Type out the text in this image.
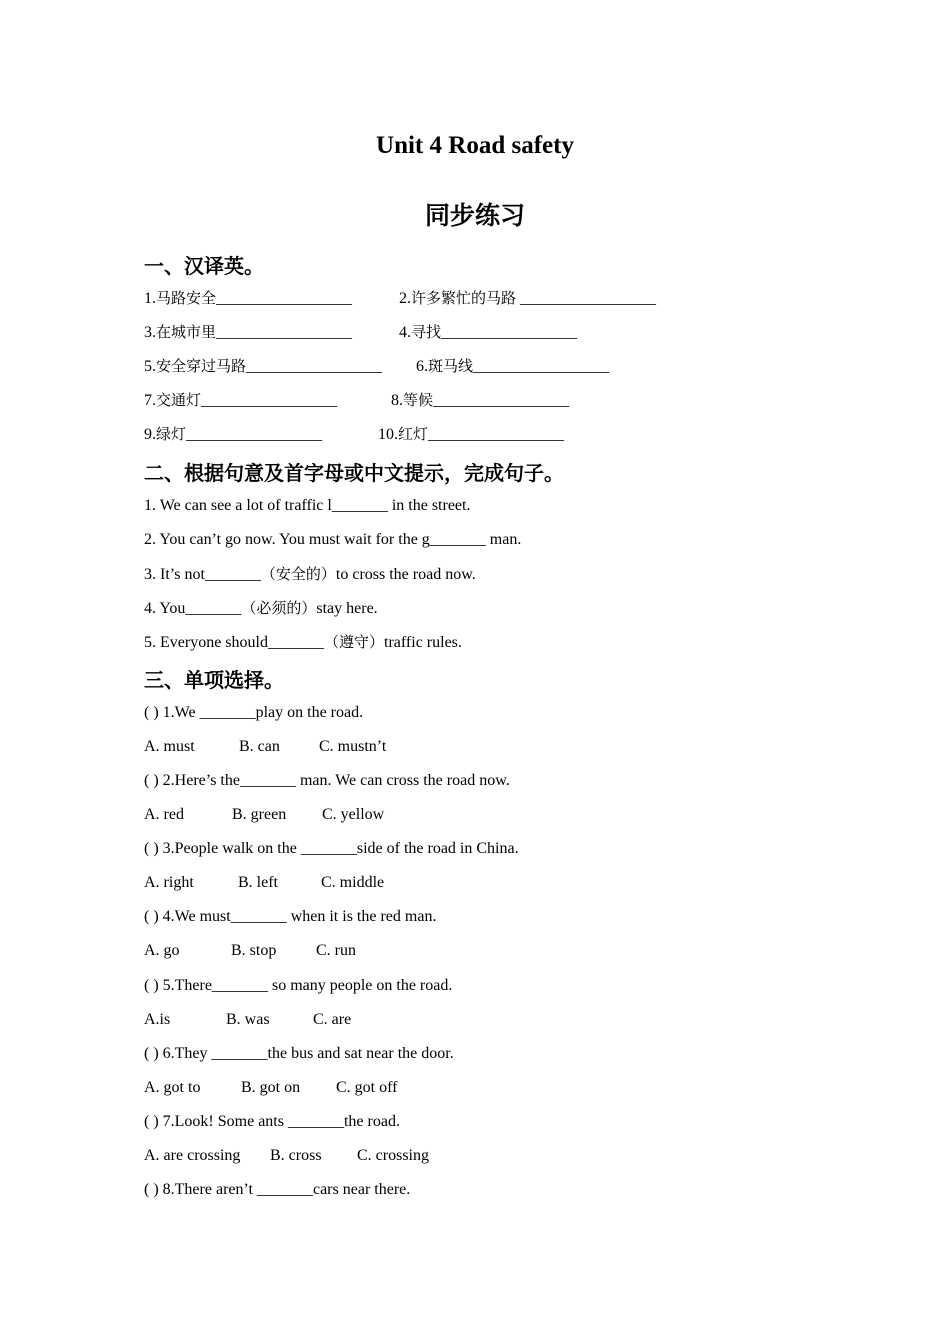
Unit 4 Road safety
同步练习
一、汉译英。
1.马路安全_________________	2.许多繁忙的马路 _________________
3.在城市里_________________	4.寻找_________________
5.安全穿过马路_________________ 6.斑马线_________________
7.交通灯_________________	8.等候_________________
9.绿灯_________________	10.红灯_________________
二、根据句意及首字母或中文提示，完成句子。
1. We can see a lot of traffic l_______ in the street.
2. You can’t go now. You must wait for the g_______ man.
3. It’s not_______（安全的）to cross the road now.
4. You_______（必须的）stay here.
5. Everyone should_______（遵守）traffic rules.
三、单项选择。
( ) 1.We _______play on the road.
A. must	B. can C. mustn’t
( ) 2.Here’s the_______ man. We can cross the road now.
A. red	B. green C. yellow
( ) 3.People walk on the _______side of the road in China.
A. right	B. left	C. middle
( ) 4.We must_______ when it is the red man.
A. go	B. stop C. run
( ) 5.There_______ so many people on the road.
A.is	B. was	C. are
( ) 6.They _______the bus and sat near the door.
A. got to	B. got on C. got off
( ) 7.Look! Some ants _______the road.
A. are crossing B. cross C. crossing
( ) 8.There aren’t _______cars near there.
